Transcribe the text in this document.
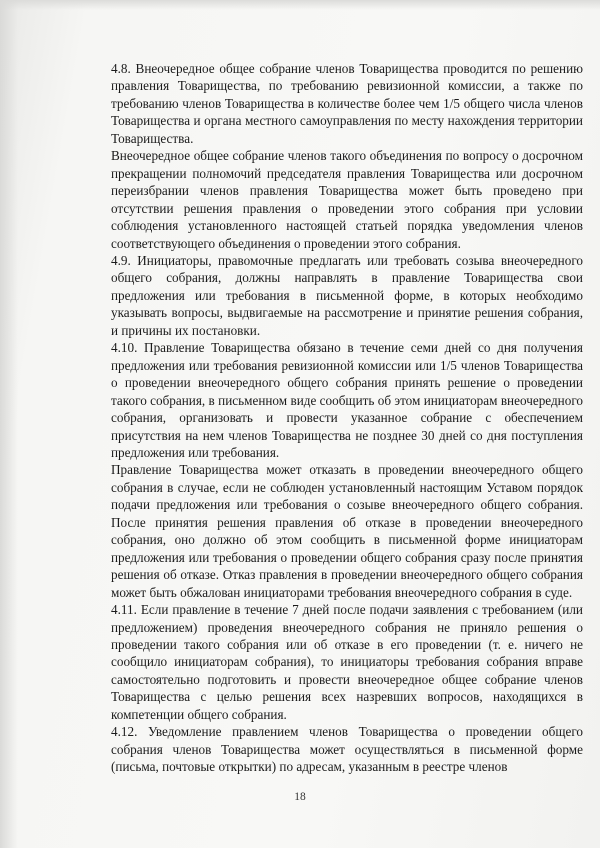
4.8. Внеочередное общее собрание членов Товарищества проводится по решению правления Товарищества, по требованию ревизионной комиссии, а также по требованию членов Товарищества в количестве более чем 1/5 общего числа членов Товарищества и органа местного самоуправления по месту нахождения территории Товарищества.

Внеочередное общее собрание членов такого объединения по вопросу о досрочном прекращении полномочий председателя правления Товарищества или досрочном переизбрании членов правления Товарищества может быть проведено при отсутствии решения правления о проведении этого собрания при условии соблюдения установленного настоящей статьей порядка уведомления членов соответствующего объединения о проведении этого собрания.

4.9. Инициаторы, правомочные предлагать или требовать созыва внеочередного общего собрания, должны направлять в правление Товарищества свои предложения или требования в письменной форме, в которых необходимо указывать вопросы, выдвигаемые на рассмотрение и принятие решения собрания, и причины их постановки.

4.10. Правление Товарищества обязано в течение семи дней со дня получения предложения или требования ревизионной комиссии или 1/5 членов Товарищества о проведении внеочередного общего собрания принять решение о проведении такого собрания, в письменном виде сообщить об этом инициаторам внеочередного собрания, организовать и провести указанное собрание с обеспечением присутствия на нем членов Товарищества не позднее 30 дней со дня поступления предложения или требования.

Правление Товарищества может отказать в проведении внеочередного общего собрания в случае, если не соблюден установленный настоящим Уставом порядок подачи предложения или требования о созыве внеочередного общего собрания. После принятия решения правления об отказе в проведении внеочередного собрания, оно должно об этом сообщить в письменной форме инициаторам предложения или требования о проведении общего собрания сразу после принятия решения об отказе. Отказ правления в проведении внеочередного общего собрания может быть обжалован инициаторами требования внеочередного собрания в суде.

4.11. Если правление в течение 7 дней после подачи заявления с требованием (или предложением) проведения внеочередного собрания не приняло решения о проведении такого собрания или об отказе в его проведении (т. е. ничего не сообщило инициаторам собрания), то инициаторы требования собрания вправе самостоятельно подготовить и провести внеочередное общее собрание членов Товарищества с целью решения всех назревших вопросов, находящихся в компетенции общего собрания.

4.12. Уведомление правлением членов Товарищества о проведении общего собрания членов Товарищества может осуществляться в письменной форме (письма, почтовые открытки) по адресам, указанным в реестре членов

18
